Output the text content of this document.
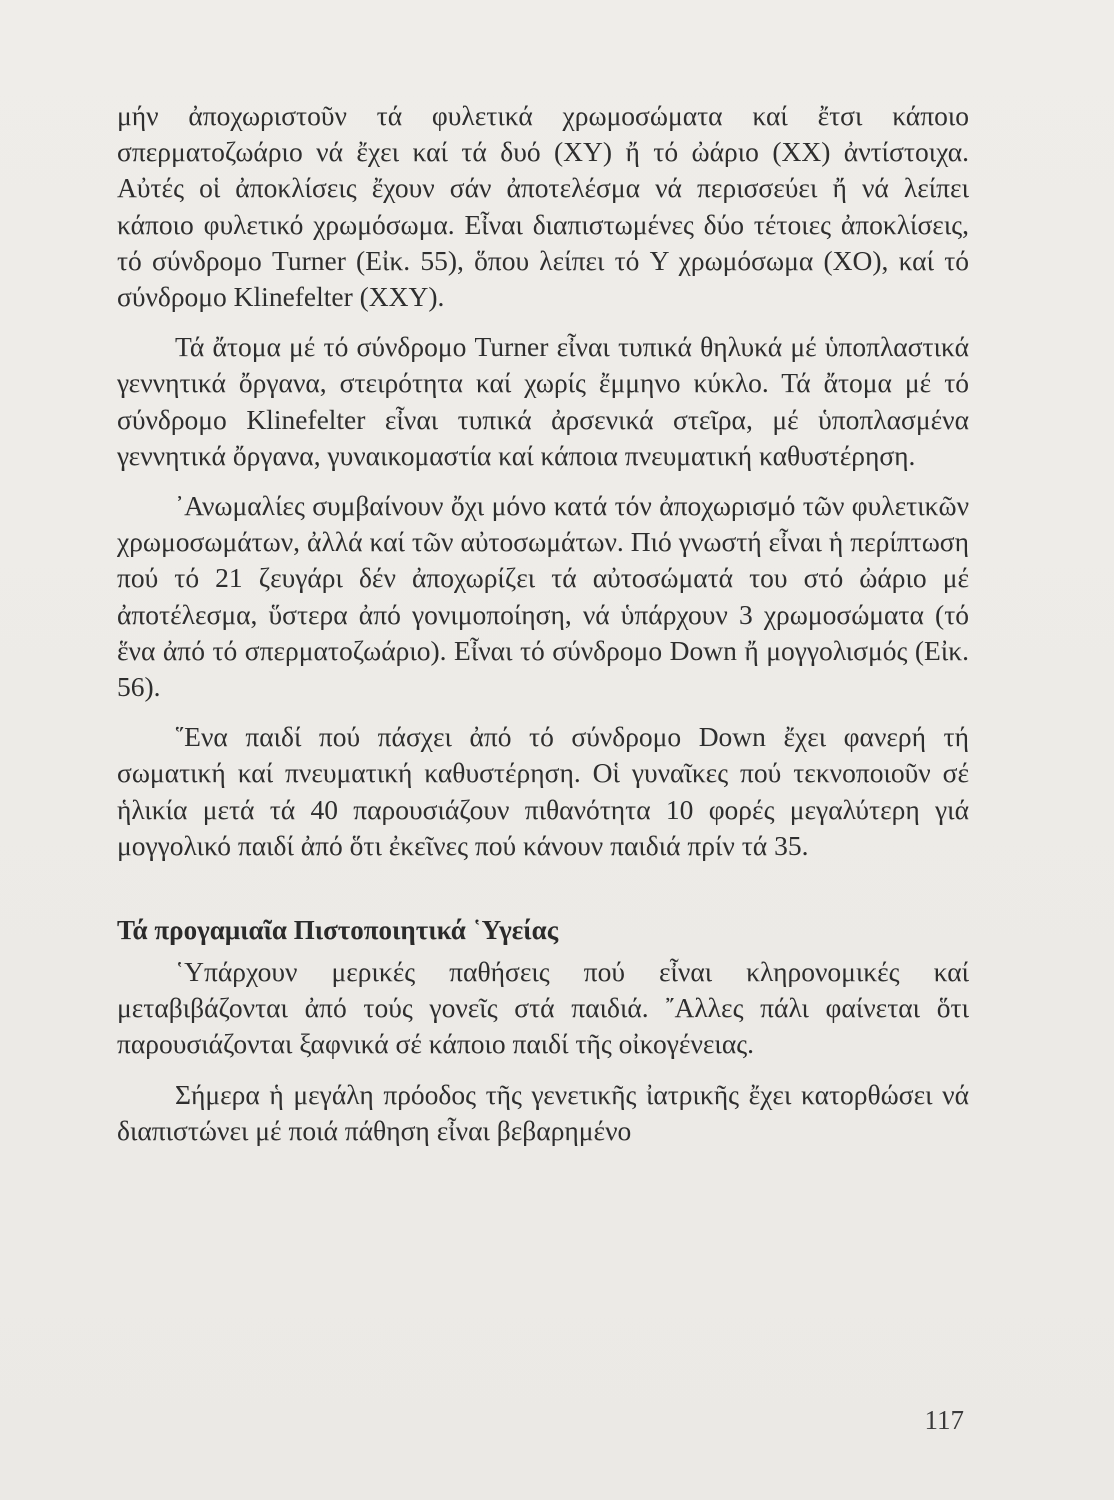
μήν ἀποχωριστοῦν τά φυλετικά χρωμοσώματα καί ἔτσι κάποιο σπερματοζωάριο νά ἔχει καί τά δυό (XY) ἤ τό ὠάριο (XX) ἀντίστοιχα. Αὐτές οἱ ἀποκλίσεις ἔχουν σάν ἀποτελέσμα νά περισσεύει ἤ νά λείπει κάποιο φυλετικό χρωμόσωμα. Εἶναι διαπιστωμένες δύο τέτοιες ἀποκλίσεις, τό σύνδρομο Turner (Εἰκ. 55), ὅπου λείπει τό Y χρωμόσωμα (XO), καί τό σύνδρομο Klinefelter (XXY).

Τά ἄτομα μέ τό σύνδρομο Turner εἶναι τυπικά θηλυκά μέ ὑποπλαστικά γεννητικά ὄργανα, στειρότητα καί χωρίς ἔμμηνο κύκλο. Τά ἄτομα μέ τό σύνδρομο Klinefelter εἶναι τυπικά ἀρσενικά στεῖρα, μέ ὑποπλασμένα γεννητικά ὄργανα, γυναικομαστία καί κάποια πνευματική καθυστέρηση.

᾿Ανωμαλίες συμβαίνουν ὄχι μόνο κατά τόν ἀποχωρισμό τῶν φυλετικῶν χρωμοσωμάτων, ἀλλά καί τῶν αὐτοσωμάτων. Πιό γνωστή εἶναι ἡ περίπτωση πού τό 21 ζευγάρι δέν ἀποχωρίζει τά αὐτοσώματά του στό ὠάριο μέ ἀποτέλεσμα, ὕστερα ἀπό γονιμοποίηση, νά ὑπάρχουν 3 χρωμοσώματα (τό ἕνα ἀπό τό σπερματοζωάριο). Εἶναι τό σύνδρομο Down ἤ μογγολισμός (Εἰκ. 56).

῞Ενα παιδί πού πάσχει ἀπό τό σύνδρομο Down ἔχει φανερή τή σωματική καί πνευματική καθυστέρηση. Οἱ γυναῖκες πού τεκνοποιοῦν σέ ἡλικία μετά τά 40 παρουσιάζουν πιθανότητα 10 φορές μεγαλύτερη γιά μογγολικό παιδί ἀπό ὅτι ἐκεῖνες πού κάνουν παιδιά πρίν τά 35.

Τά προγαμιαῖα Πιστοποιητικά ῾Υγείας

῾Υπάρχουν μερικές παθήσεις πού εἶναι κληρονομικές καί μεταβιβάζονται ἀπό τούς γονεῖς στά παιδιά. ῎Αλλες πάλι φαίνεται ὅτι παρουσιάζονται ξαφνικά σέ κάποιο παιδί τῆς οἰκογένειας.

Σήμερα ἡ μεγάλη πρόοδος τῆς γενετικῆς ἰατρικῆς ἔχει κατορθώσει νά διαπιστώνει μέ ποιά πάθηση εἶναι βεβαρημένο

117
